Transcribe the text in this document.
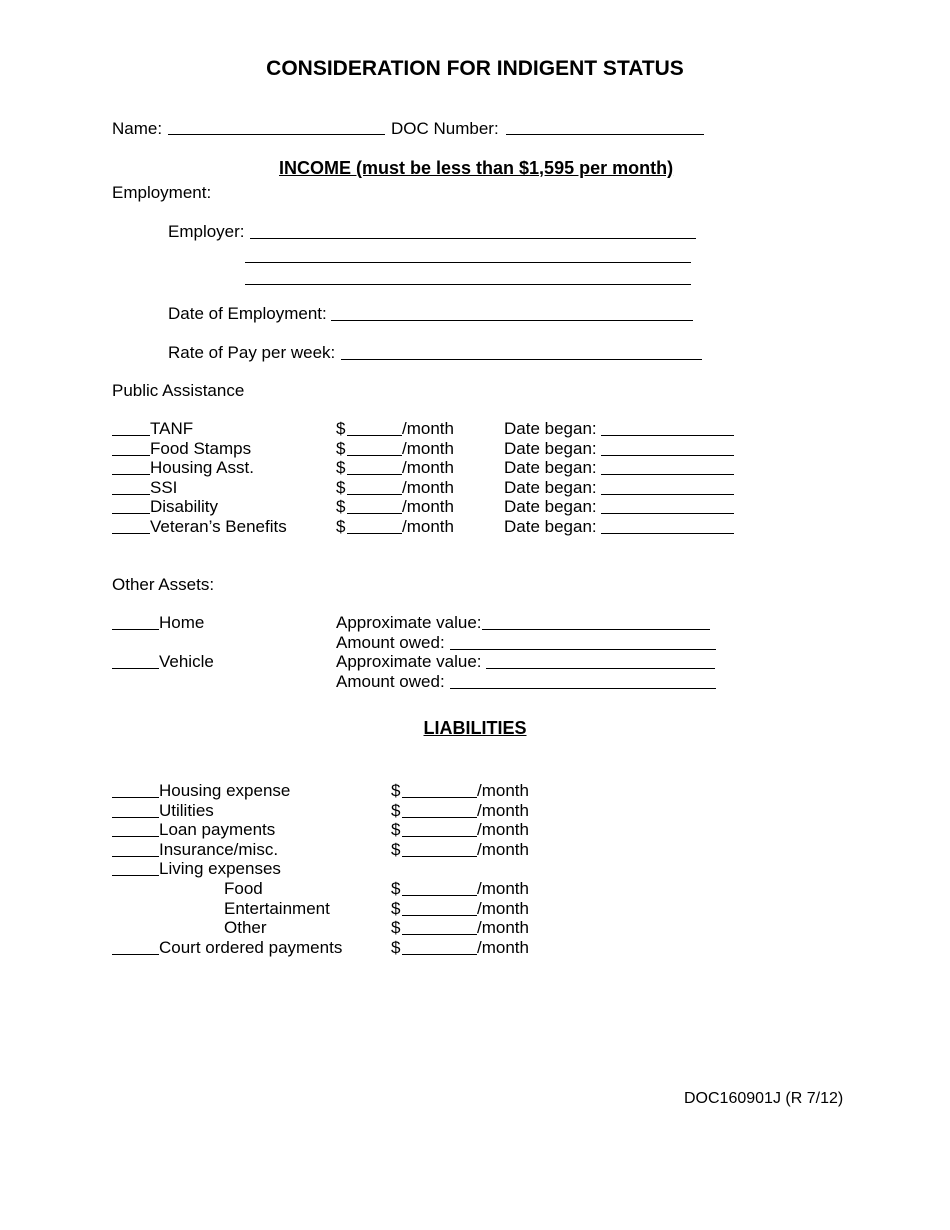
CONSIDERATION FOR INDIGENT STATUS
Name:	DOC Number:
INCOME (must be less than $1,595 per month)
Employment:
Employer:
Date of Employment:
Rate of Pay per week:
Public Assistance
TANF	$	/month	Date began:
Food Stamps	$	/month	Date began:
Housing Asst.	$	/month	Date began:
SSI	$	/month	Date began:
Disability	$	/month	Date began:
Veteran’s Benefits	$	/month	Date began:
Other Assets:
Home	Approximate value:
Amount owed:
Vehicle	Approximate value:
Amount owed:
LIABILITIES
Housing expense	$	/month
Utilities	$	/month
Loan payments	$	/month
Insurance/misc.	$	/month
Living expenses
Food	$	/month
Entertainment	$	/month
Other	$	/month
Court ordered payments	$	/month
DOC160901J (R 7/12)
